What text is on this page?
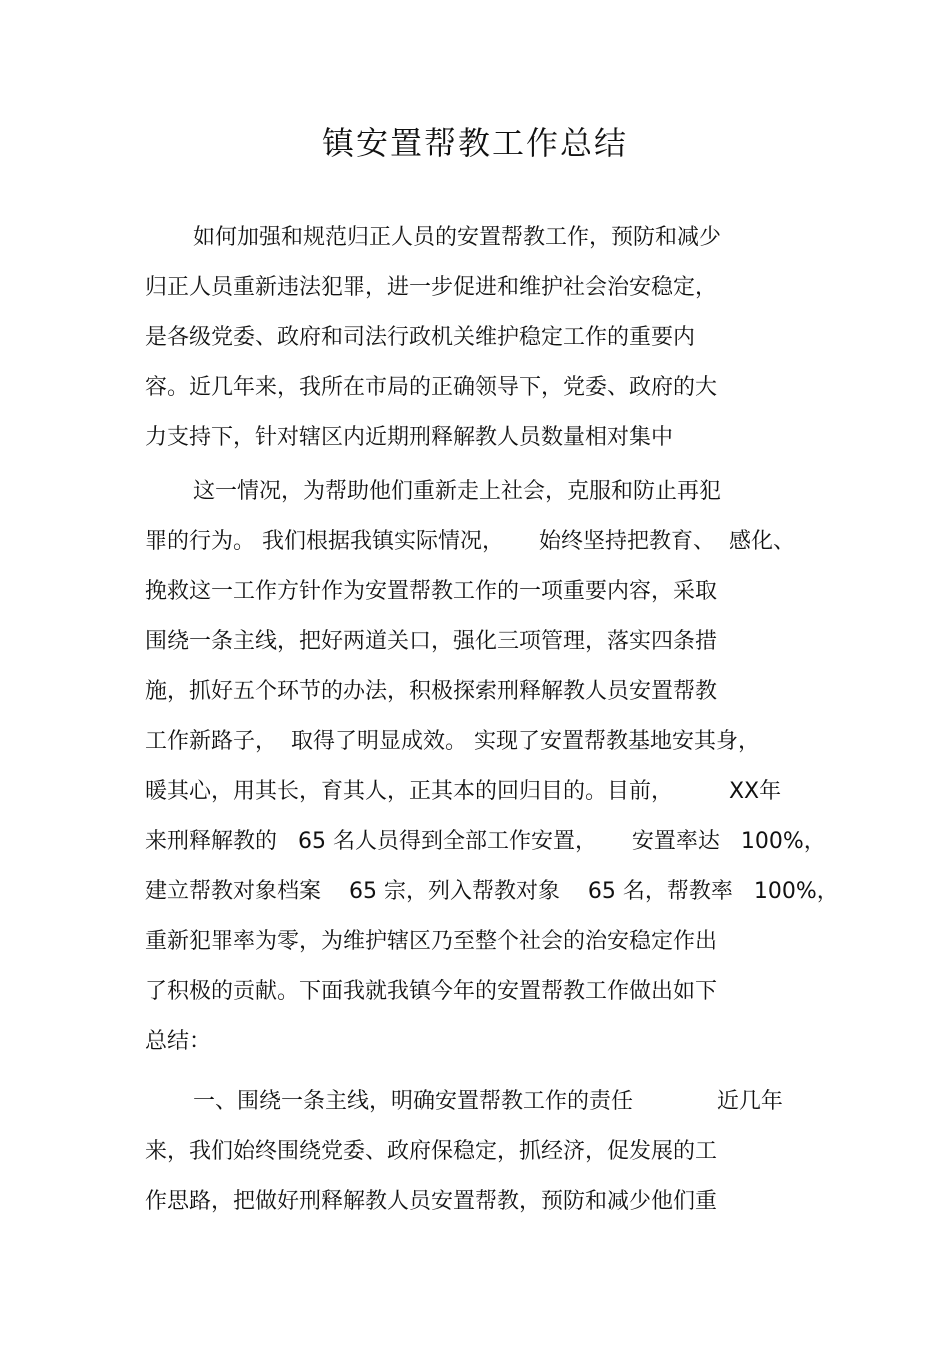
镇安置帮教工作总结
如何加强和规范归正人员的安置帮教工作，预防和减少
归正人员重新违法犯罪，进一步促进和维护社会治安稳定，
是各级党委、政府和司法行政机关维护稳定工作的重要内
容。近几年来，我所在市局的正确领导下，党委、政府的大
力支持下，针对辖区内近期刑释解教人员数量相对集中
这一情况，为帮助他们重新走上社会，克服和防止再犯
罪的行为。 我们根据我镇实际情况，     始终坚持把教育、  感化、
挽救这一工作方针作为安置帮教工作的一项重要内容，采取
围绕一条主线，把好两道关口，强化三项管理，落实四条措
施，抓好五个环节的办法，积极探索刑释解教人员安置帮教
工作新路子，  取得了明显成效。 实现了安置帮教基地安其身，
暖其心，用其长，育其人，正其本的回归目的。目前，        XX年
来刑释解教的   65 名人员得到全部工作安置，     安置率达   100%，
建立帮教对象档案    65 宗，列入帮教对象    65 名，帮教率   100%，
重新犯罪率为零，为维护辖区乃至整个社会的治安稳定作出
了积极的贡献。下面我就我镇今年的安置帮教工作做出如下
总结：
一、围绕一条主线，明确安置帮教工作的责任            近几年
来，我们始终围绕党委、政府保稳定，抓经济，促发展的工
作思路，把做好刑释解教人员安置帮教，预防和减少他们重
